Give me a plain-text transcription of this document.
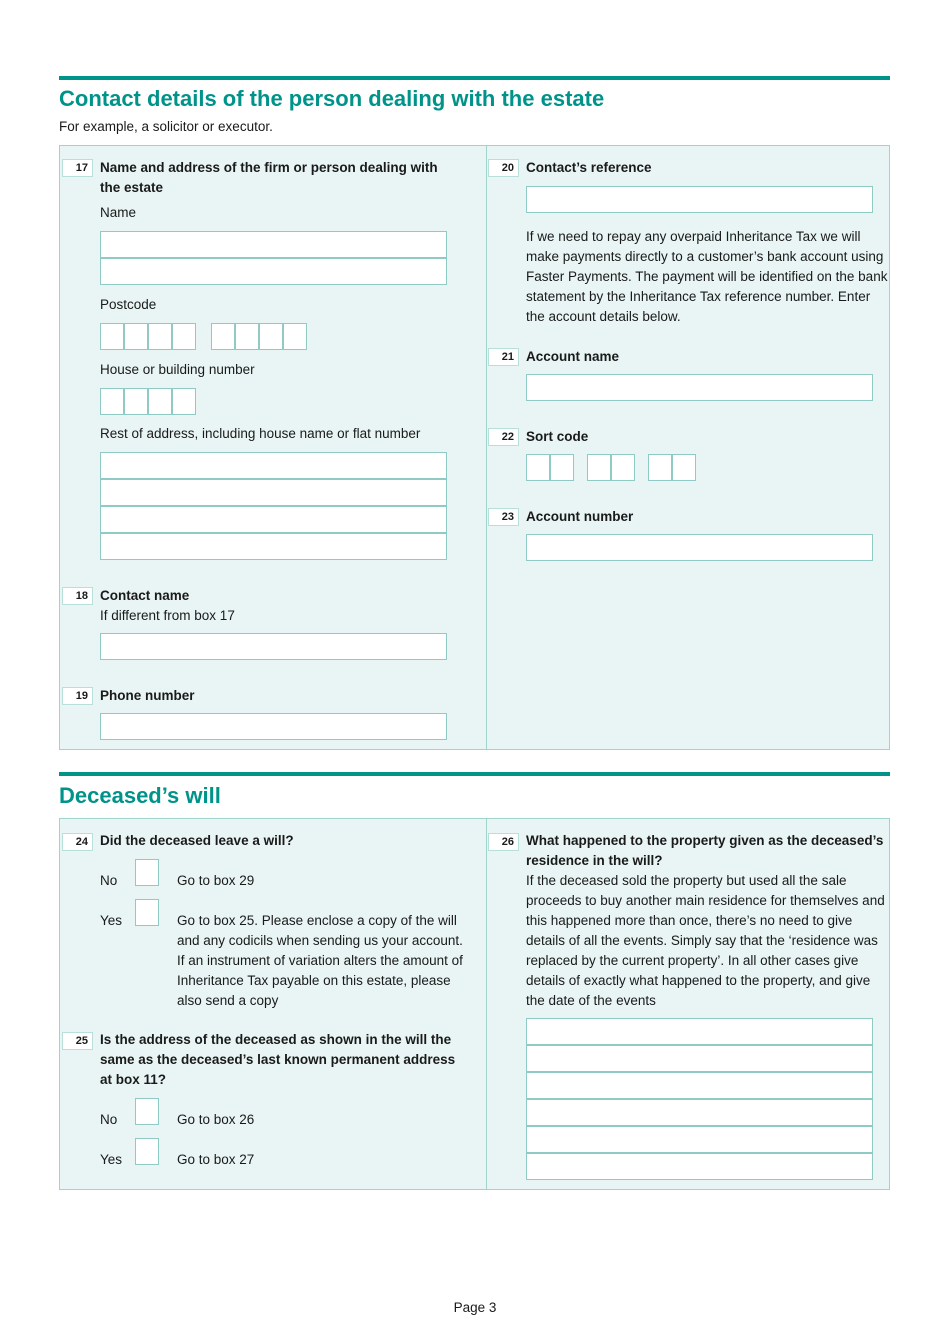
Contact details of the person dealing with the estate
For example, a solicitor or executor.
17 Name and address of the firm or person dealing with the estate
Name
Postcode
House or building number
Rest of address, including house name or flat number
18 Contact name
If different from box 17
19 Phone number
20 Contact’s reference
If we need to repay any overpaid Inheritance Tax we will make payments directly to a customer’s bank account using Faster Payments. The payment will be identified on the bank statement by the Inheritance Tax reference number. Enter the account details below.
21 Account name
22 Sort code
23 Account number
Deceased’s will
24 Did the deceased leave a will?
No	Go to box 29
Yes	Go to box 25. Please enclose a copy of the will and any codicils when sending us your account. If an instrument of variation alters the amount of Inheritance Tax payable on this estate, please also send a copy
25 Is the address of the deceased as shown in the will the same as the deceased’s last known permanent address at box 11?
No	Go to box 26
Yes	Go to box 27
26 What happened to the property given as the deceased’s residence in the will?
If the deceased sold the property but used all the sale proceeds to buy another main residence for themselves and this happened more than once, there’s no need to give details of all the events. Simply say that the ‘residence was replaced by the current property’. In all other cases give details of exactly what happened to the property, and give the date of the events
Page 3
